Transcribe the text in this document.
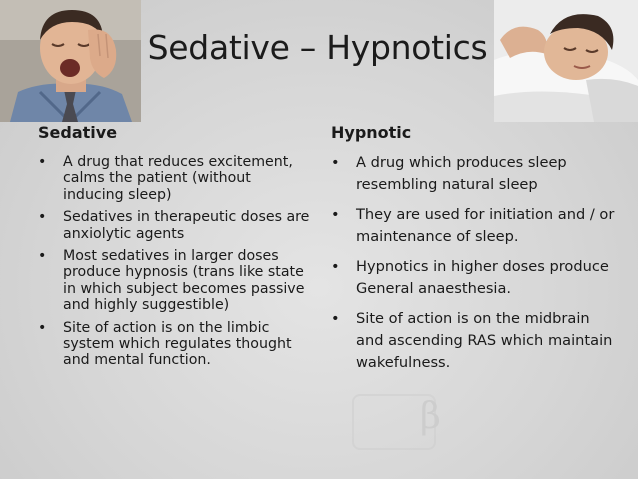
β
Sedative – Hypnotics
Sedative
• A drug that reduces excitement, calms the patient (without inducing sleep)
• Sedatives in therapeutic doses are anxiolytic agents
• Most sedatives in larger doses produce hypnosis (trans like state in which subject becomes passive and highly suggestible)
• Site of action is on the limbic system which regulates thought and mental function.
Hypnotic
• A drug which produces sleep resembling natural sleep
• They are used for initiation and / or maintenance of sleep.
• Hypnotics in higher doses produce General anaesthesia.
• Site of action is on the midbrain and ascending RAS which maintain wakefulness.
